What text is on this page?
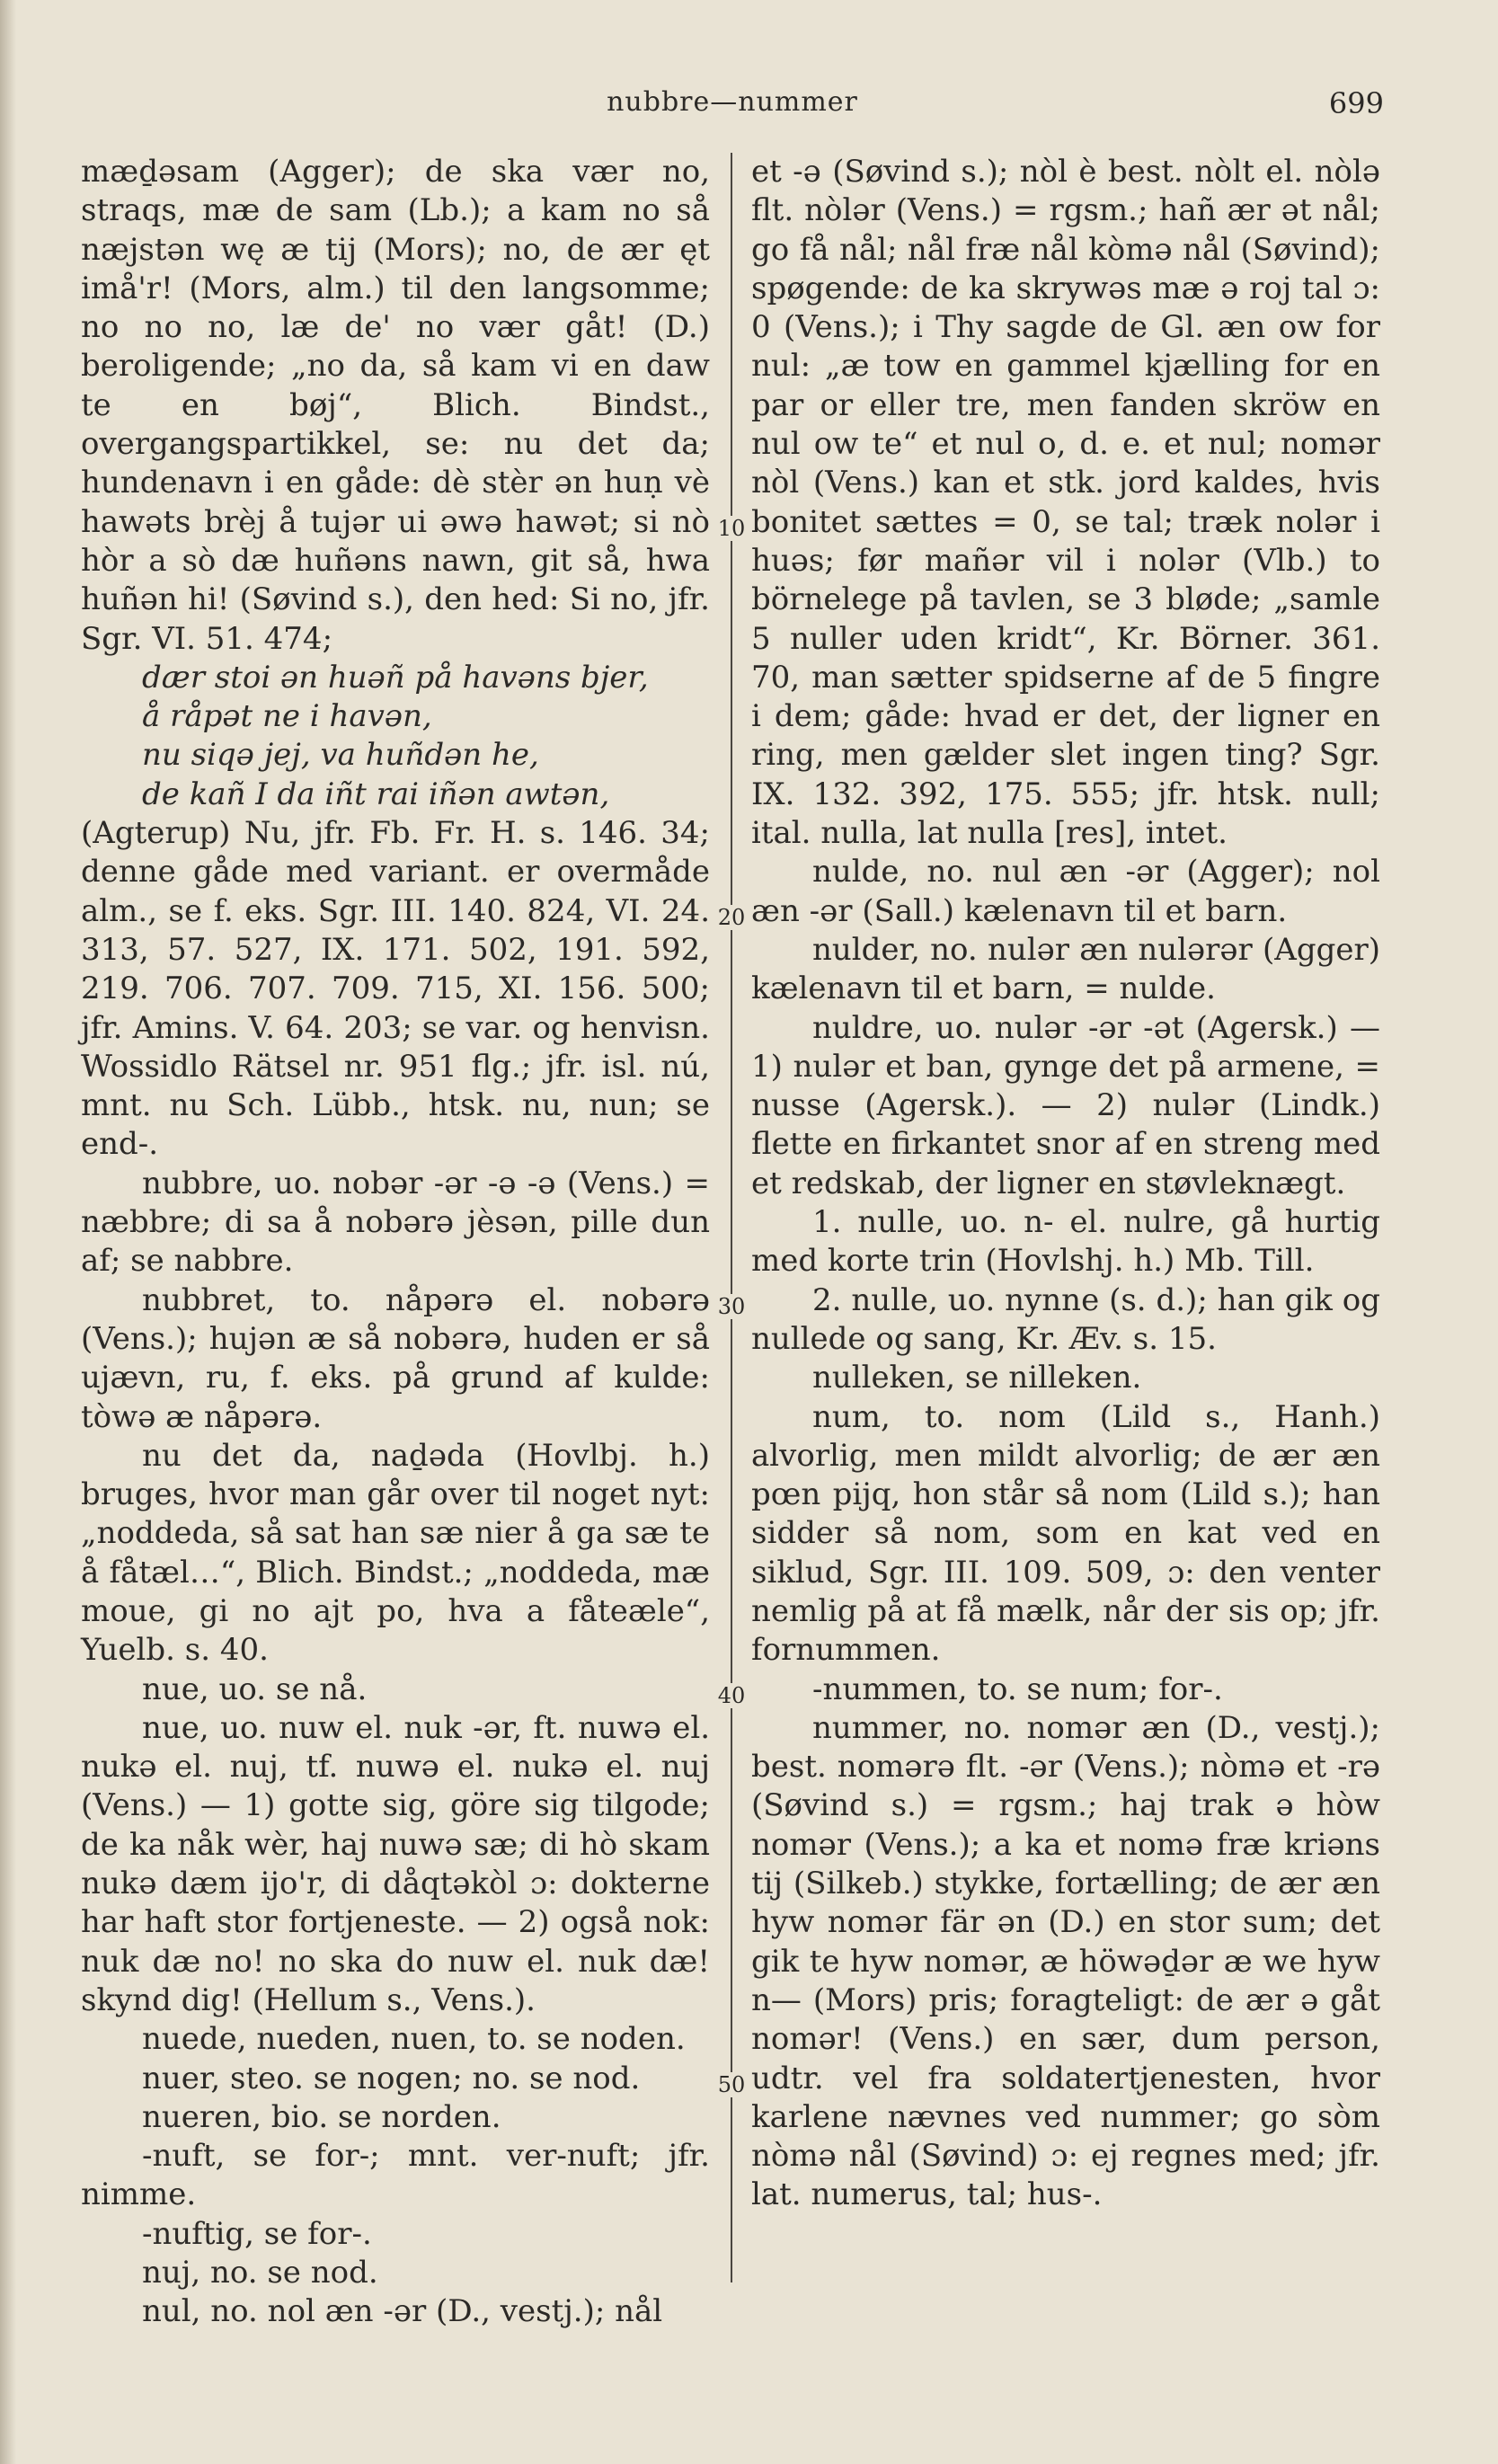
nubbre—nummer	699

mæḏəsam (Agger); de ska vær no, straqs, mæ de sam (Lb.); a kam no så næjstən wę æ tij (Mors); no, de ær ęt imå'r! (Mors, alm.) til den langsomme; no no no, læ de' no vær gåt! (D.) beroligende; „no da, så kam vi en daw te en bøj“, Blich. Bindst., overgangspartikkel, se: nu det da; hundenavn i en gåde: dè stèr ən huṇ vè hawəts brèj å tujər ui əwə hawət; si nò hòr a sò dæ huñəns nawn, git så, hwa huñən hi! (Søvind s.), den hed: Si no, jfr. Sgr. VI. 51. 474;

dær stoi ən huəñ på havəns bjer,

å råpət ne i havən,

nu siqə jej, va huñdən he,

de kañ I da iñt rai iñən awtən,

(Agterup) Nu, jfr. Fb. Fr. H. s. 146. 34; denne gåde med variant. er overmåde alm., se f. eks. Sgr. III. 140. 824, VI. 24. 313, 57. 527, IX. 171. 502, 191. 592, 219. 706. 707. 709. 715, XI. 156. 500; jfr. Amins. V. 64. 203; se var. og henvisn. Wossidlo Rätsel nr. 951 flg.; jfr. isl. nú, mnt. nu Sch. Lübb., htsk. nu, nun; se end-.

nubbre, uo. nobər -ər -ə -ə (Vens.) = næbbre; di sa å nobərə jèsən, pille dun af; se nabbre.

nubbret, to. nåpərə el. nobərə (Vens.); hujən æ så nobərə, huden er så ujævn, ru, f. eks. på grund af kulde: tòwə æ nåpərə.

nu det da, naḏəda (Hovlbj. h.) bruges, hvor man går over til noget nyt: „noddeda, så sat han sæ nier å ga sæ te å fåtæl…“, Blich. Bindst.; „noddeda, mæ moue, gi no ajt po, hva a fåteæle“, Yuelb. s. 40.

nue, uo. se nå.

nue, uo. nuw el. nuk -ər, ft. nuwə el. nukə el. nuj, tf. nuwə el. nukə el. nuj (Vens.) — 1) gotte sig, göre sig tilgode; de ka nåk wèr, haj nuwə sæ; di hò skam nukə dæm ijo'r, di dåqtəkòl ɔ: dokterne har haft stor fortjeneste. — 2) også nok: nuk dæ no! no ska do nuw el. nuk dæ! skynd dig! (Hellum s., Vens.).

nuede, nueden, nuen, to. se noden.

nuer, steo. se nogen; no. se nod.

nueren, bio. se norden.

-nuft, se for-; mnt. ver-nuft; jfr. nimme.

-nuftig, se for-.

nuj, no. se nod.

nul, no. nol æn -ər (D., vestj.); nål

10
20
30
40
50

et -ə (Søvind s.); nòl è best. nòlt el. nòlə flt. nòlər (Vens.) = rgsm.; hañ ær ət nål; go få nål; nål fræ nål kòmə nål (Søvind); spøgende: de ka skrywəs mæ ə roj tal ɔ: 0 (Vens.); i Thy sagde de Gl. æn ow for nul: „æ tow en gammel kjælling for en par or eller tre, men fanden skröw en nul ow te“ et nul o, d. e. et nul; nomər nòl (Vens.) kan et stk. jord kaldes, hvis bonitet sættes = 0, se tal; træk nolər i huəs; før mañər vil i nolər (Vlb.) to börnelege på tavlen, se 3 bløde; „samle 5 nuller uden kridt“, Kr. Börner. 361. 70, man sætter spidserne af de 5 fingre i dem; gåde: hvad er det, der ligner en ring, men gælder slet ingen ting? Sgr. IX. 132. 392, 175. 555; jfr. htsk. null; ital. nulla, lat nulla [res], intet.

nulde, no. nul æn -ər (Agger); nol æn -ər (Sall.) kælenavn til et barn.

nulder, no. nulər æn nulərər (Agger) kælenavn til et barn, = nulde.

nuldre, uo. nulər -ər -ət (Agersk.) — 1) nulər et ban, gynge det på armene, = nusse (Agersk.). — 2) nulər (Lindk.) flette en firkantet snor af en streng med et redskab, der ligner en støvleknægt.

1. nulle, uo. n- el. nulre, gå hurtig med korte trin (Hovlshj. h.) Mb. Till.

2. nulle, uo. nynne (s. d.); han gik og nullede og sang, Kr. Æv. s. 15.

nulleken, se nilleken.

num, to. nom (Lild s., Hanh.) alvorlig, men mildt alvorlig; de ær æn pœn pijq, hon står så nom (Lild s.); han sidder så nom, som en kat ved en siklud, Sgr. III. 109. 509, ɔ: den venter nemlig på at få mælk, når der sis op; jfr. fornummen.

-nummen, to. se num; for-.

nummer, no. nomər æn (D., vestj.); best. nomərə flt. -ər (Vens.); nòmə et -rə (Søvind s.) = rgsm.; haj trak ə hòw nomər (Vens.); a ka et nomə fræ kriəns tij (Silkeb.) stykke, fortælling; de ær æn hyw nomər fär ən (D.) en stor sum; det gik te hyw nomər, æ höwəḏər æ we hyw n— (Mors) pris; foragteligt: de ær ə gåt nomər! (Vens.) en sær, dum person, udtr. vel fra soldatertjenesten, hvor karlene nævnes ved nummer; go sòm nòmə nål (Søvind) ɔ: ej regnes med; jfr. lat. numerus, tal; hus-.
